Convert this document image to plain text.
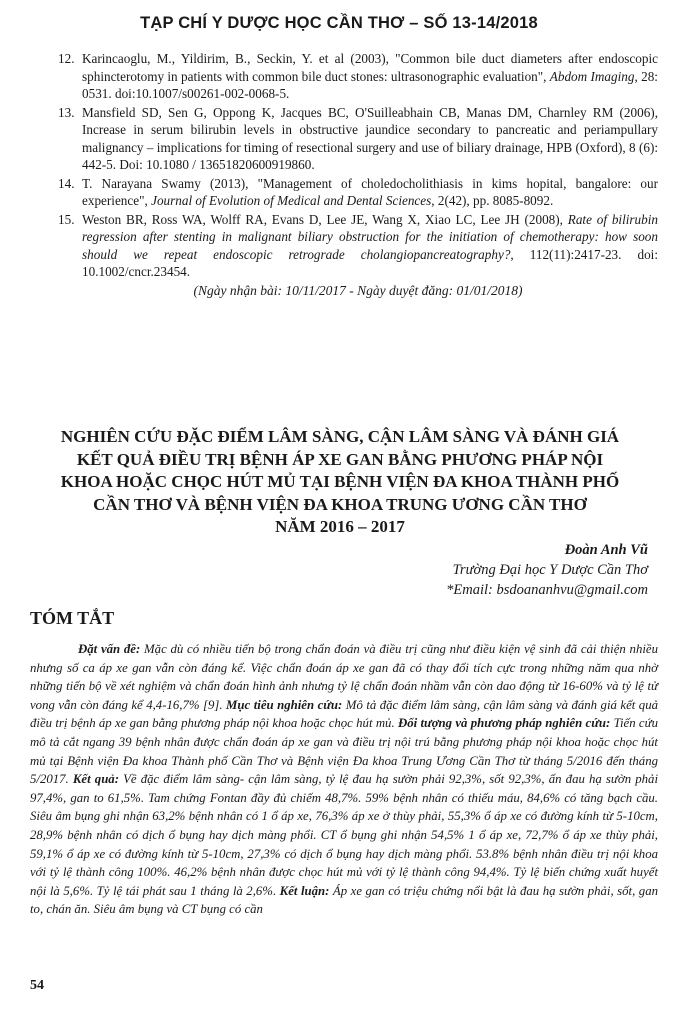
TẠP CHÍ Y DƯỢC HỌC CẦN THƠ – SỐ 13-14/2018
12. Karincaoglu, M., Yildirim, B., Seckin, Y. et al (2003), "Common bile duct diameters after endoscopic sphincterotomy in patients with common bile duct stones: ultrasonographic evaluation", Abdom Imaging, 28: 0531. doi:10.1007/s00261-002-0068-5.
13. Mansfield SD, Sen G, Oppong K, Jacques BC, O'Suilleabhain CB, Manas DM, Charnley RM (2006), Increase in serum bilirubin levels in obstructive jaundice secondary to pancreatic and periampullary malignancy – implications for timing of resectional surgery and use of biliary drainage, HPB (Oxford), 8 (6): 442-5. Doi: 10.1080 / 13651820600919860.
14. T. Narayana Swamy (2013), "Management of choledocholithiasis in kims hopital, bangalore: our experience", Journal of Evolution of Medical and Dental Sciences, 2(42), pp. 8085-8092.
15. Weston BR, Ross WA, Wolff RA, Evans D, Lee JE, Wang X, Xiao LC, Lee JH (2008), Rate of bilirubin regression after stenting in malignant biliary obstruction for the initiation of chemotherapy: how soon should we repeat endoscopic retrograde cholangiopancreatography?, 112(11):2417-23. doi: 10.1002/cncr.23454.
(Ngày nhận bài: 10/11/2017 - Ngày duyệt đăng: 01/01/2018)
NGHIÊN CỨU ĐẶC ĐIỂM LÂM SÀNG, CẬN LÂM SÀNG VÀ ĐÁNH GIÁ
KẾT QUẢ ĐIỀU TRỊ BỆNH ÁP XE GAN BẰNG PHƯƠNG PHÁP NỘI
KHOA HOẶC CHỌC HÚT MỦ TẠI BỆNH VIỆN ĐA KHOA THÀNH PHỐ
CẦN THƠ VÀ BỆNH VIỆN ĐA KHOA TRUNG ƯƠNG CẦN THƠ
NĂM 2016 – 2017
Đoàn Anh Vũ
Trường Đại học Y Dược Cần Thơ
*Email: bsdoananhvu@gmail.com
TÓM TẮT
Đặt vấn đề: Mặc dù có nhiều tiến bộ trong chẩn đoán và điều trị cũng như điều kiện vệ sinh đã cải thiện nhiều nhưng số ca áp xe gan vẫn còn đáng kể. Việc chẩn đoán áp xe gan đã có thay đổi tích cực trong những năm qua nhờ những tiến bộ về xét nghiệm và chẩn đoán hình ảnh nhưng tỷ lệ chẩn đoán nhầm vẫn còn dao động từ 16-60% và tỷ lệ tử vong vẫn còn đáng kể 4,4-16,7% [9]. Mục tiêu nghiên cứu: Mô tả đặc điểm lâm sàng, cận lâm sàng và đánh giá kết quả điều trị bệnh áp xe gan bằng phương pháp nội khoa hoặc chọc hút mủ. Đối tượng và phương pháp nghiên cứu: Tiến cứu mô tả cắt ngang 39 bệnh nhân được chẩn đoán áp xe gan và điều trị nội trú bằng phương pháp nội khoa hoặc chọc hút mủ tại Bệnh viện Đa khoa Thành phố Cần Thơ và Bệnh viện Đa khoa Trung Ương Cần Thơ từ tháng 5/2016 đến tháng 5/2017. Kết quả: Về đặc điểm lâm sàng- cận lâm sàng, tỷ lệ đau hạ sườn phải 92,3%, sốt 92,3%, ấn đau hạ sườn phải 97,4%, gan to 61,5%. Tam chứng Fontan đầy đủ chiếm 48,7%. 59% bệnh nhân có thiếu máu, 84,6% có tăng bạch cầu. Siêu âm bụng ghi nhận 63,2% bệnh nhân có 1 ổ áp xe, 76,3% áp xe ở thùy phải, 55,3% ổ áp xe có đường kính từ 5-10cm, 28,9% bệnh nhân có dịch ổ bụng hay dịch màng phổi. CT ổ bụng ghi nhận 54,5% 1 ổ áp xe, 72,7% ổ áp xe thùy phải, 59,1% ổ áp xe có đường kính từ 5-10cm, 27,3% có dịch ổ bụng hay dịch màng phổi. 53.8% bệnh nhân điều trị nội khoa với tỷ lệ thành công 100%. 46,2% bệnh nhân được chọc hút mủ với tỷ lệ thành công 94,4%. Tỷ lệ biến chứng xuất huyết nội là 5,6%. Tỷ lệ tái phát sau 1 tháng là 2,6%. Kết luận: Áp xe gan có triệu chứng nổi bật là đau hạ sườn phải, sốt, gan to, chán ăn. Siêu âm bụng và CT bụng có cần
54
